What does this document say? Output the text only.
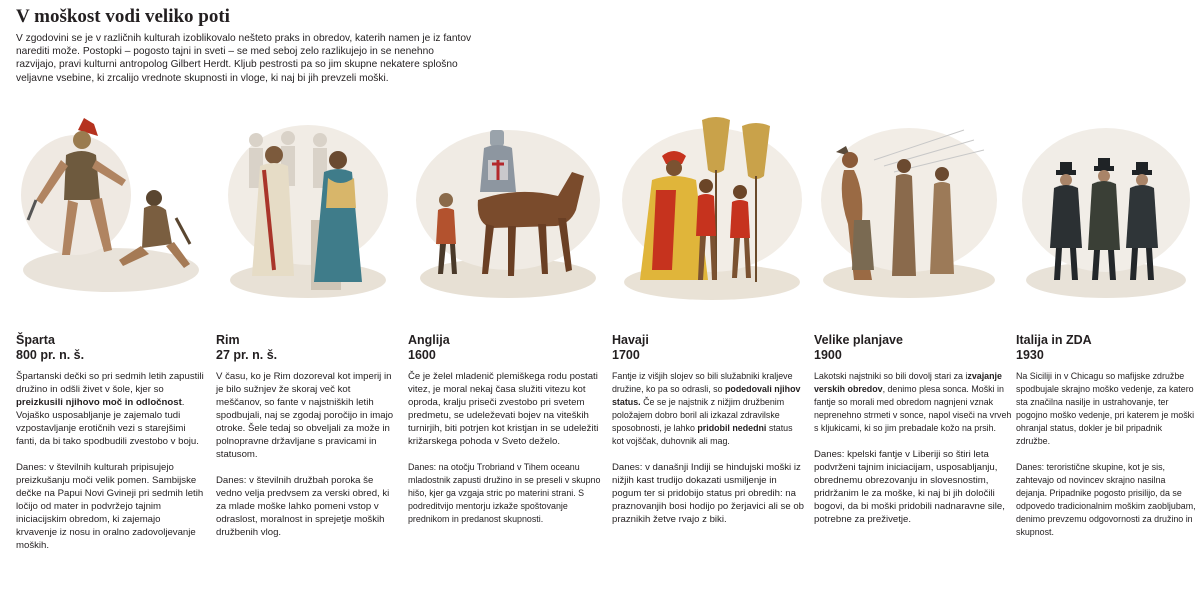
V moškost vodi veliko poti

V zgodovini se je v različnih kulturah izoblikovalo nešteto praks in obredov, katerih namen je iz fantov narediti može. Postopki – pogosto tajni in sveti – se med seboj zelo razlikujejo in se nenehno razvijajo, pravi kulturni antropolog Gilbert Herdt. Kljub pestrosti pa so jim skupne nekatere splošno veljavne vsebine, ki zrcalijo vrednote skupnosti in vloge, ki naj bi jih prevzeli moški.

Šparta
800 pr. n. š.

Špartanski dečki so pri sedmih letih zapustili družino in odšli živet v šole, kjer so preizkusili njihovo moč in odločnost. Vojaško usposabljanje je zajemalo tudi vzpostavljanje erotičnih vezi s starejšimi fanti, da bi tako spodbudili zvestobo v boju.

Danes: v številnih kulturah pripisujejo preizkušanju moči velik pomen. Sambijske dečke na Papui Novi Gvineji pri sedmih letih ločijo od mater in podvržejo tajnim iniciacijskim obredom, ki zajemajo krvavenje iz nosu in oralno zadovoljevanje moških.

Rim
27 pr. n. š.

V času, ko je Rim dozoreval kot imperij in je bilo sužnjev že skoraj več kot meščanov, so fante v najstniških letih spodbujali, naj se zgodaj poročijo in imajo otroke. Šele tedaj so obveljali za može in polnopravne državljane s pravicami in statusom.

Danes: v številnih družbah poroka še vedno velja predvsem za verski obred, ki za mlade moške lahko pomeni vstop v odraslost, moralnost in sprejetje moških družbenih vlog.

Anglija
1600

Če je želel mladenič plemiškega rodu postati vitez, je moral nekaj časa služiti vitezu kot oproda, kralju priseči zvestobo pri svetem predmetu, se udeleževati bojev na viteških turnirjih, biti potrjen kot kristjan in se udeležiti križarskega pohoda v Sveto deželo.

Danes: na otočju Trobriand v Tihem oceanu mladostnik zapusti družino in se preseli v skupno hišo, kjer ga vzgaja stric po materini strani. S podreditvijo mentorju izkaže spoštovanje prednikom in predanost skupnosti.

Havaji
1700

Fantje iz višjih slojev so bili služabniki kraljeve družine, ko pa so odrasli, so podedovali njihov status. Če se je najstnik z nižjim družbenim položajem dobro boril ali izkazal zdravilske sposobnosti, je lahko pridobil nededni status kot vojščak, duhovnik ali mag.

Danes: v današnji Indiji se hindujski moški iz nižjih kast trudijo dokazati usmiljenje in pogum ter si pridobijo status pri obredih: na praznovanjih bosi hodijo po žerjavici ali se ob praznikih žetve rvajo z biki.

Velike planjave
1900

Lakotski najstniki so bili dovolj stari za izvajanje verskih obredov, denimo plesa sonca. Moški in fantje so morali med obredom nagnjeni vznak neprenehno strmeti v sonce, napol viseči na vrveh s kljukicami, ki so jim prebadale kožo na prsih.

Danes: kpelski fantje v Liberiji so štiri leta podvrženi tajnim iniciacijam, usposabljanju, obrednemu obrezovanju in slovesnostim, pridržanim le za moške, ki naj bi jih določili bogovi, da bi moški pridobili nadnaravne sile, potrebne za preživetje.

Italija in ZDA
1930

Na Siciliji in v Chicagu so mafijske združbe spodbujale skrajno moško vedenje, za katero sta značilna nasilje in ustrahovanje, ter pogojno moško vedenje, pri katerem je moški ohranjal status, dokler je bil pripadnik združbe.

Danes: teroristične skupine, kot je sis, zahtevajo od novincev skrajno nasilna dejanja. Pripadnike pogosto prisilijo, da se odpovedo tradicionalnim moškim zaobljubam, denimo prevzemu odgovornosti za družino in skupnost.
